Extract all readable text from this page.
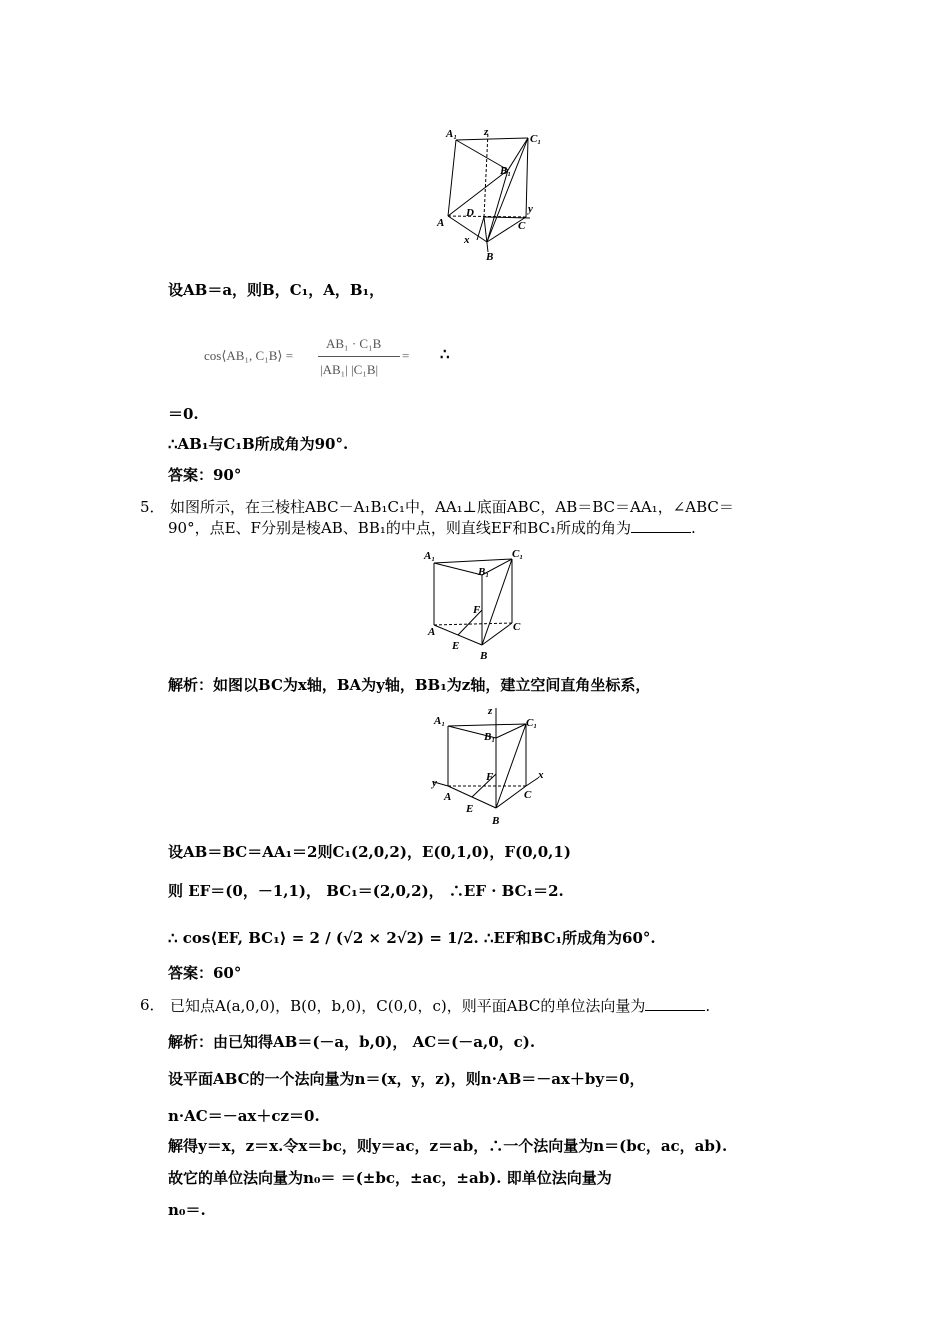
A₁ z
C₁
B₁
D	y
A	C
x
B
设AB＝a，则B，C₁，A，B₁，
cos⟨AB₁, C₁B⟩ =
AB₁ · C₁B
|AB₁| |C₁B|
= ∴
＝0.
∴AB₁与C₁B所成角为90°.
答案：90°
5． 如图所示，在三棱柱ABC－A₁B₁C₁中，AA₁⊥底面ABC，AB＝BC＝AA₁，∠ABC＝
90°，点E、F分别是棱AB、BB₁的中点，则直线EF和BC₁所成的角为	.
A₁	C₁
B₁
F
A	C
E
B
解析：如图以BC为x轴，BA为y轴，BB₁为z轴，建立空间直角坐标系，
A₁
z
C₁
B₁
F	x
y
A	C
E
B
设AB＝BC＝AA₁＝2则C₁(2,0,2)，E(0,1,0)，F(0,0,1)
则 EF＝(0，－1,1)， BC₁＝(2,0,2)， ∴EF · BC₁＝2.
∴ cos⟨EF, BC₁⟩ = 2 / (√2 × 2√2) = 1/2. ∴EF和BC₁所成角为60°.
答案：60°
6． 已知点A(a,0,0)，B(0，b,0)，C(0,0，c)，则平面ABC的单位法向量为	.
解析：由已知得AB＝(－a，b,0)， AC＝(－a,0，c).
设平面ABC的一个法向量为n＝(x，y，z)，则n·AB＝－ax＋by＝0，
n·AC＝－ax＋cz＝0.
解得y＝x，z＝x.令x＝bc，则y＝ac，z＝ab，∴一个法向量为n＝(bc，ac，ab).
故它的单位法向量为n₀＝ ＝(±bc，±ac，±ab). 即单位法向量为
n₀＝.
